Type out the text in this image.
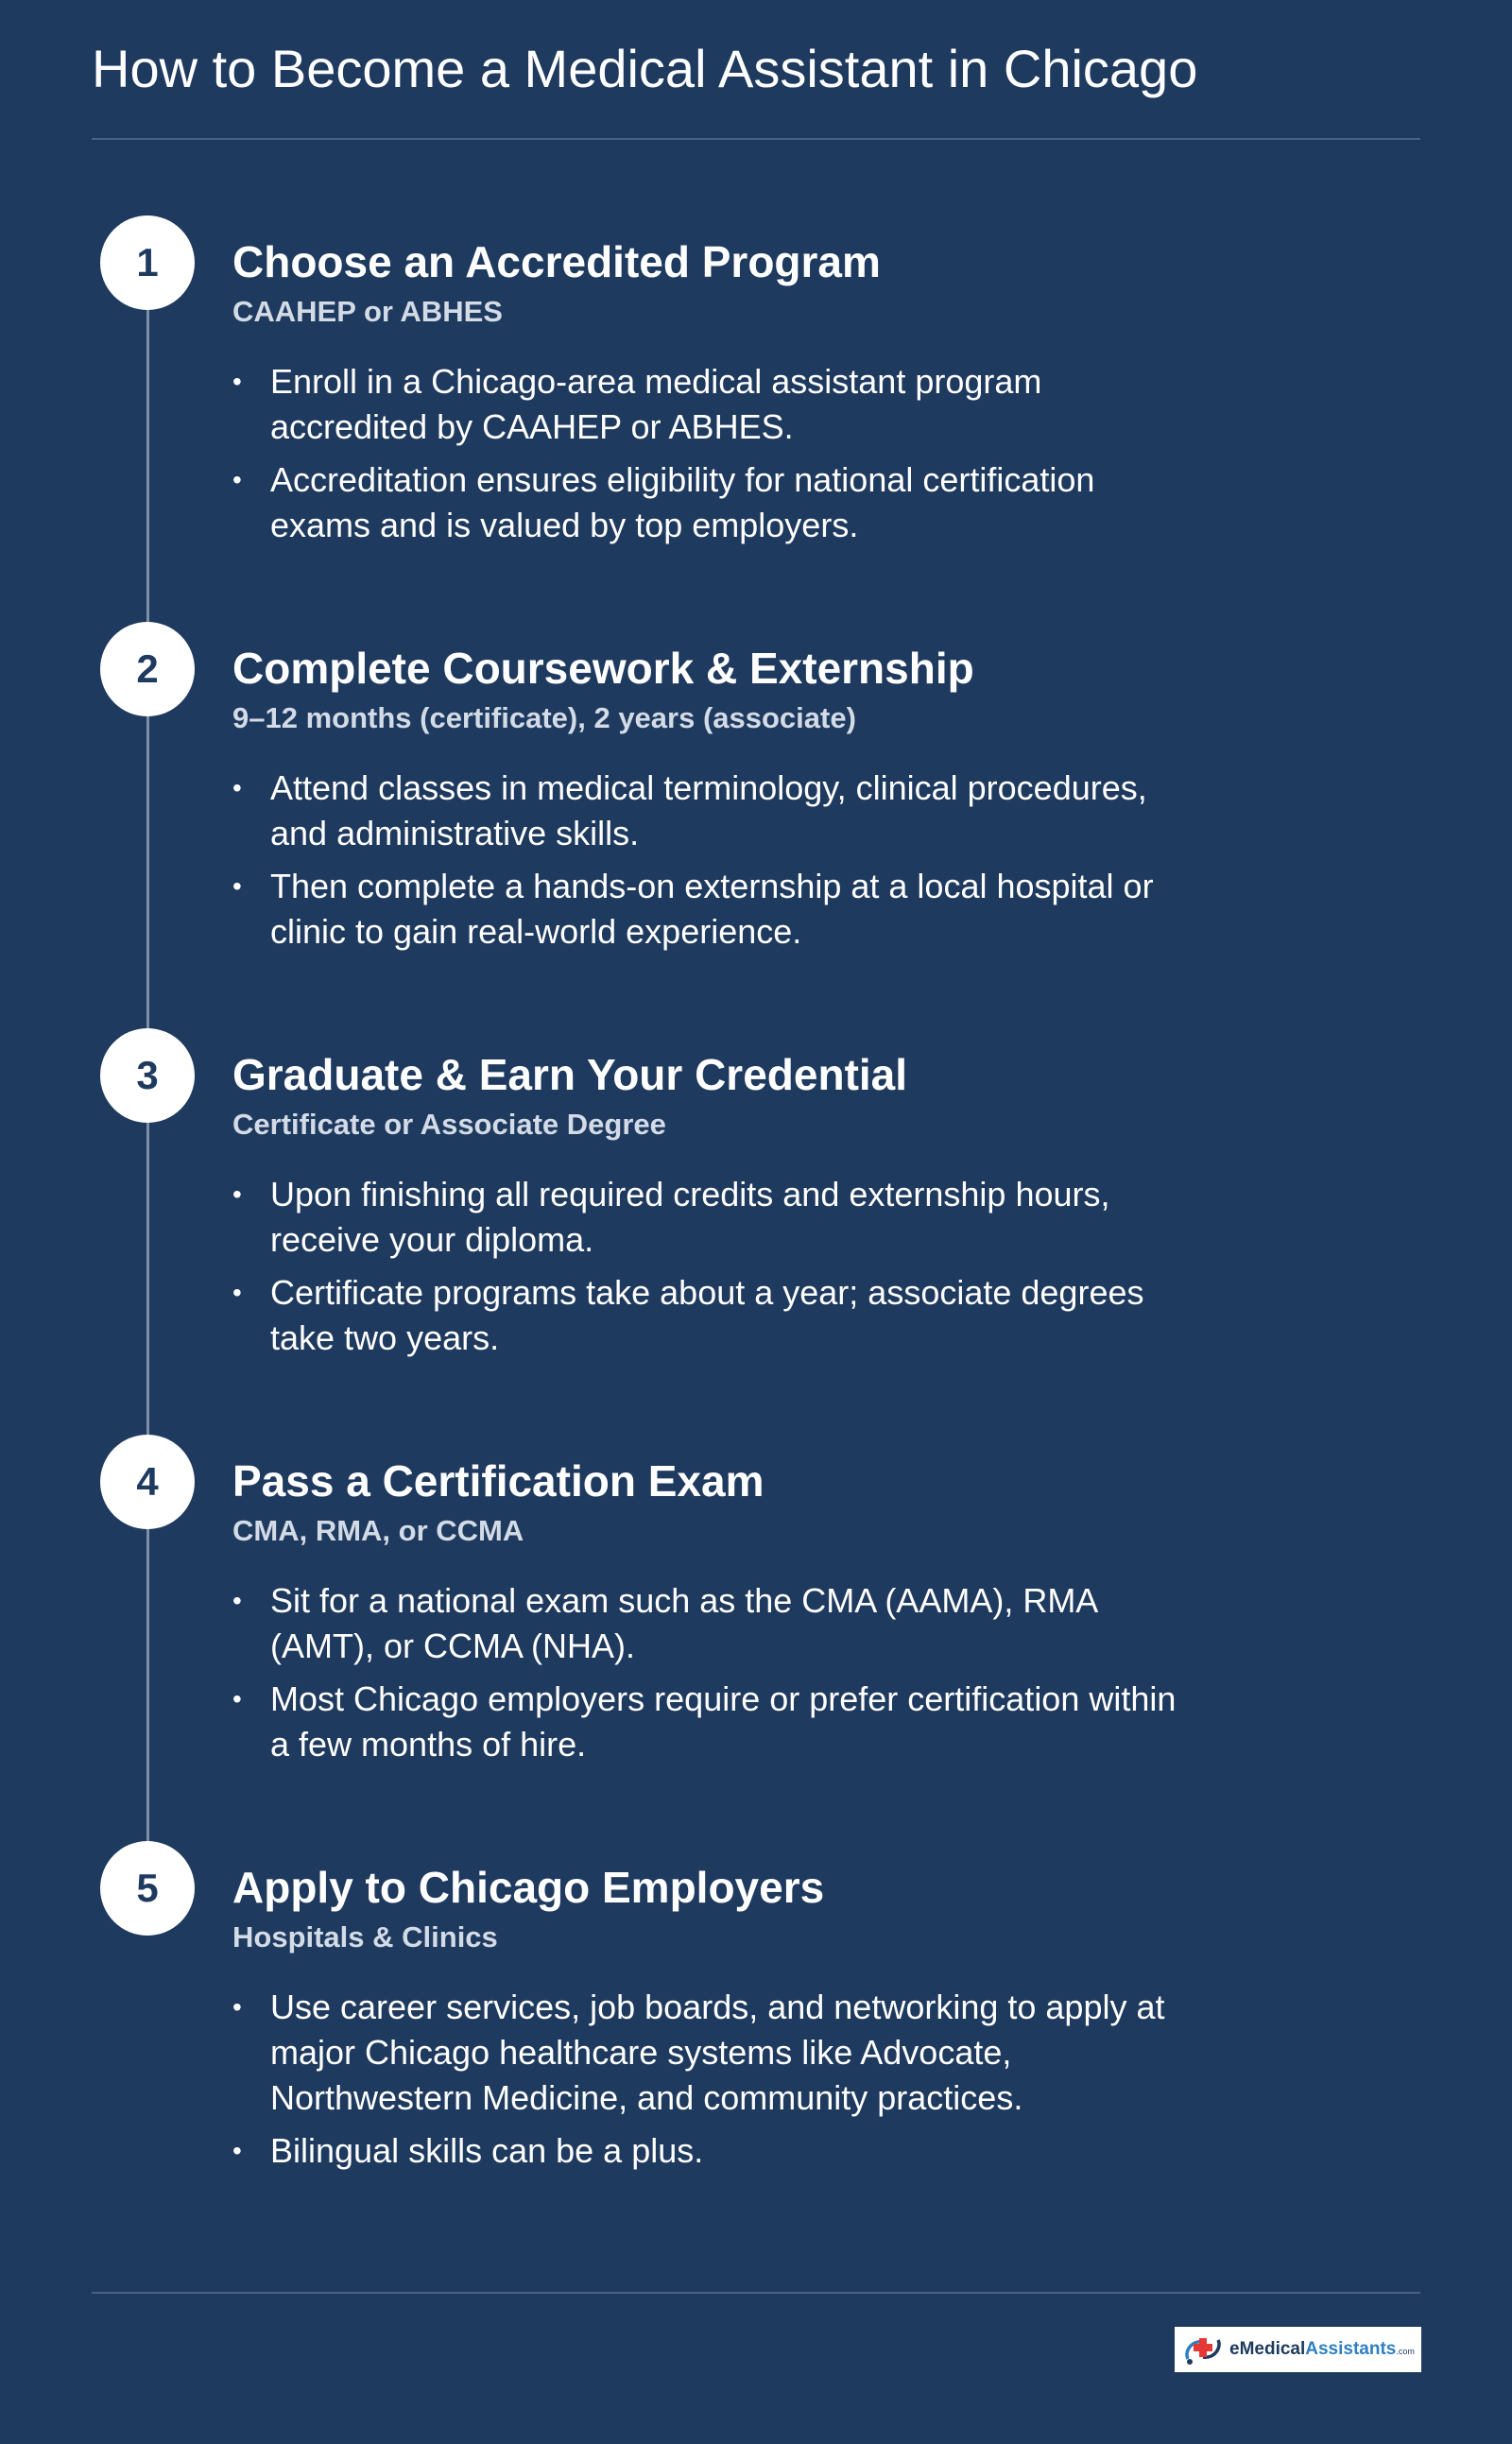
How to Become a Medical Assistant in Chicago
1	Choose an Accredited Program
CAAHEP or ABHES
• Enroll in a Chicago-area medical assistant program accredited by CAAHEP or ABHES.
• Accreditation ensures eligibility for national certification exams and is valued by top employers.
2	Complete Coursework & Externship
9–12 months (certificate), 2 years (associate)
• Attend classes in medical terminology, clinical procedures, and administrative skills.
• Then complete a hands-on externship at a local hospital or clinic to gain real-world experience.
3	Graduate & Earn Your Credential
Certificate or Associate Degree
• Upon finishing all required credits and externship hours, receive your diploma.
• Certificate programs take about a year; associate degrees take two years.
4	Pass a Certification Exam
CMA, RMA, or CCMA
• Sit for a national exam such as the CMA (AAMA), RMA (AMT), or CCMA (NHA).
• Most Chicago employers require or prefer certification within a few months of hire.
5	Apply to Chicago Employers
Hospitals & Clinics
• Use career services, job boards, and networking to apply at major Chicago healthcare systems like Advocate, Northwestern Medicine, and community practices.
• Bilingual skills can be a plus.
eMedicalAssistants.com
